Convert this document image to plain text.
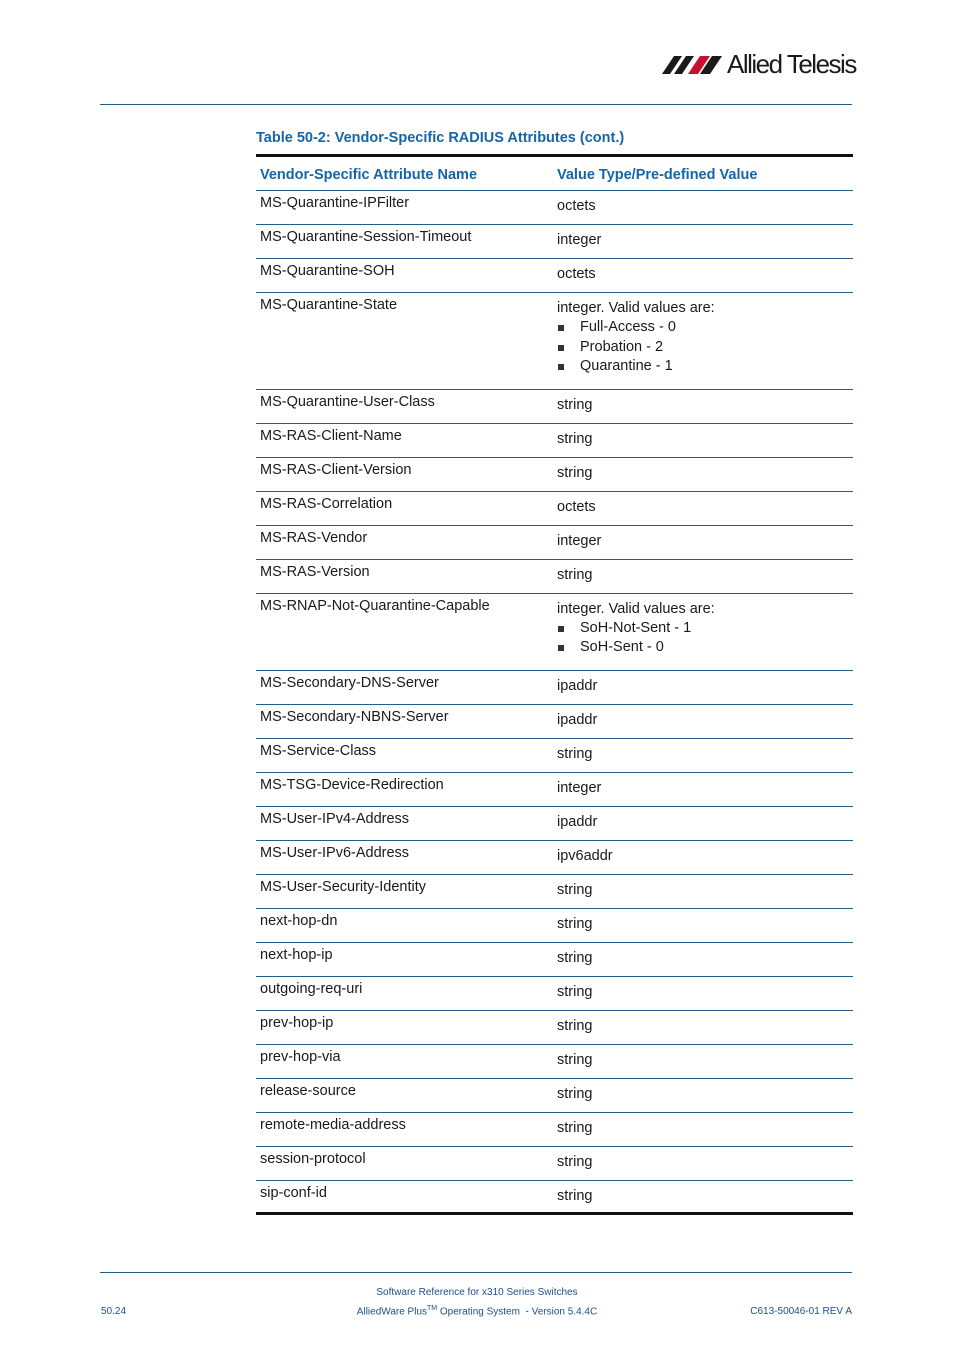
Allied Telesis
Table 50-2: Vendor-Specific RADIUS Attributes (cont.)
Vendor-Specific Attribute Name	Value Type/Pre-defined Value
MS-Quarantine-IPFilter	octets
MS-Quarantine-Session-Timeout	integer
MS-Quarantine-SOH	octets
MS-Quarantine-State	integer. Valid values are:
Full-Access - 0
Probation - 2
Quarantine - 1
MS-Quarantine-User-Class	string
MS-RAS-Client-Name	string
MS-RAS-Client-Version	string
MS-RAS-Correlation	octets
MS-RAS-Vendor	integer
MS-RAS-Version	string
MS-RNAP-Not-Quarantine-Capable	integer. Valid values are:
SoH-Not-Sent - 1
SoH-Sent - 0
MS-Secondary-DNS-Server	ipaddr
MS-Secondary-NBNS-Server	ipaddr
MS-Service-Class	string
MS-TSG-Device-Redirection	integer
MS-User-IPv4-Address	ipaddr
MS-User-IPv6-Address	ipv6addr
MS-User-Security-Identity	string
next-hop-dn	string
next-hop-ip	string
outgoing-req-uri	string
prev-hop-ip	string
prev-hop-via	string
release-source	string
remote-media-address	string
session-protocol	string
sip-conf-id	string
Software Reference for x310 Series Switches
AlliedWare Plus™ Operating System  - Version 5.4.4C
50.24	C613-50046-01 REV A
